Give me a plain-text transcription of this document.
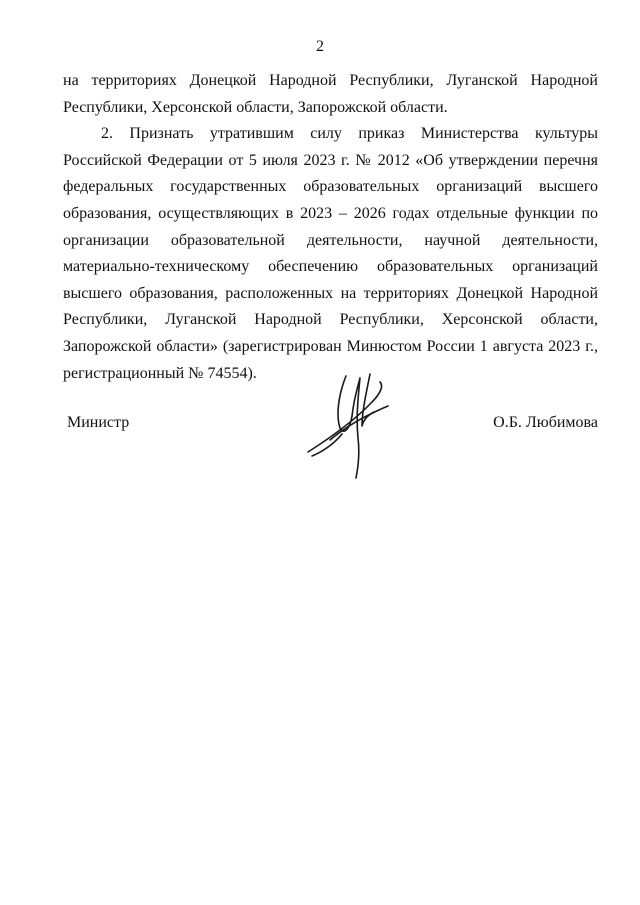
2

на территориях Донецкой Народной Республики, Луганской Народной Республики, Херсонской области, Запорожской области.

2. Признать утратившим силу приказ Министерства культуры Российской Федерации от 5 июля 2023 г. № 2012 «Об утверждении перечня федеральных государственных образовательных организаций высшего образования, осуществляющих в 2023 – 2026 годах отдельные функции по организации образовательной деятельности, научной деятельности, материально-техническому обеспечению образовательных организаций высшего образования, расположенных на территориях Донецкой Народной Республики, Луганской Народной Республики, Херсонской области, Запорожской области» (зарегистрирован Минюстом России 1 августа 2023 г., регистрационный № 74554).

Министр	О.Б. Любимова
